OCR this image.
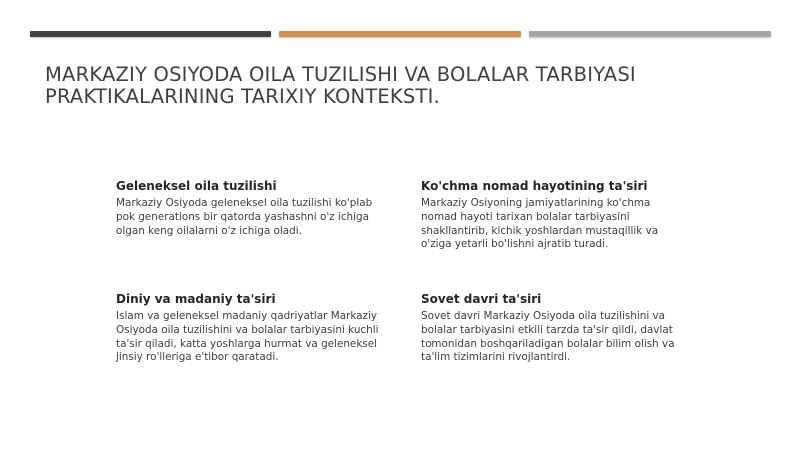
MARKAZIY OSIYODA OILA TUZILISHI VA BOLALAR TARBIYASI
PRAKTIKALARINING TARIXIY KONTEKSTI.
Geleneksel oila tuzilishi

Markaziy Osiyoda geleneksel oila tuzilishi ko'plab pok generations bir qatorda yashashni o'z ichiga olgan keng oilalarni o'z ichiga oladi.

Ko'chma nomad hayotining ta'siri

Markaziy Osiyoning jamiyatlarining ko'chma nomad hayoti tarixan bolalar tarbiyasini shakllantirib, kichik yoshlardan mustaqillik va o'ziga yetarli bo'lishni ajratib turadi.

Diniy va madaniy ta'siri

Islam va geleneksel madaniy qadriyatlar Markaziy Osiyoda oila tuzilishini va bolalar tarbiyasini kuchli ta'sir qiladi, katta yoshlarga hurmat va geleneksel jinsiy ro'lleriga e'tibor qaratadi.

Sovet davri ta'siri

Sovet davri Markaziy Osiyoda oila tuzilishini va bolalar tarbiyasini etkili tarzda ta'sir qildi, davlat tomonidan boshqariladigan bolalar bilim olish va ta'lim tizimlarini rivojlantirdi.
